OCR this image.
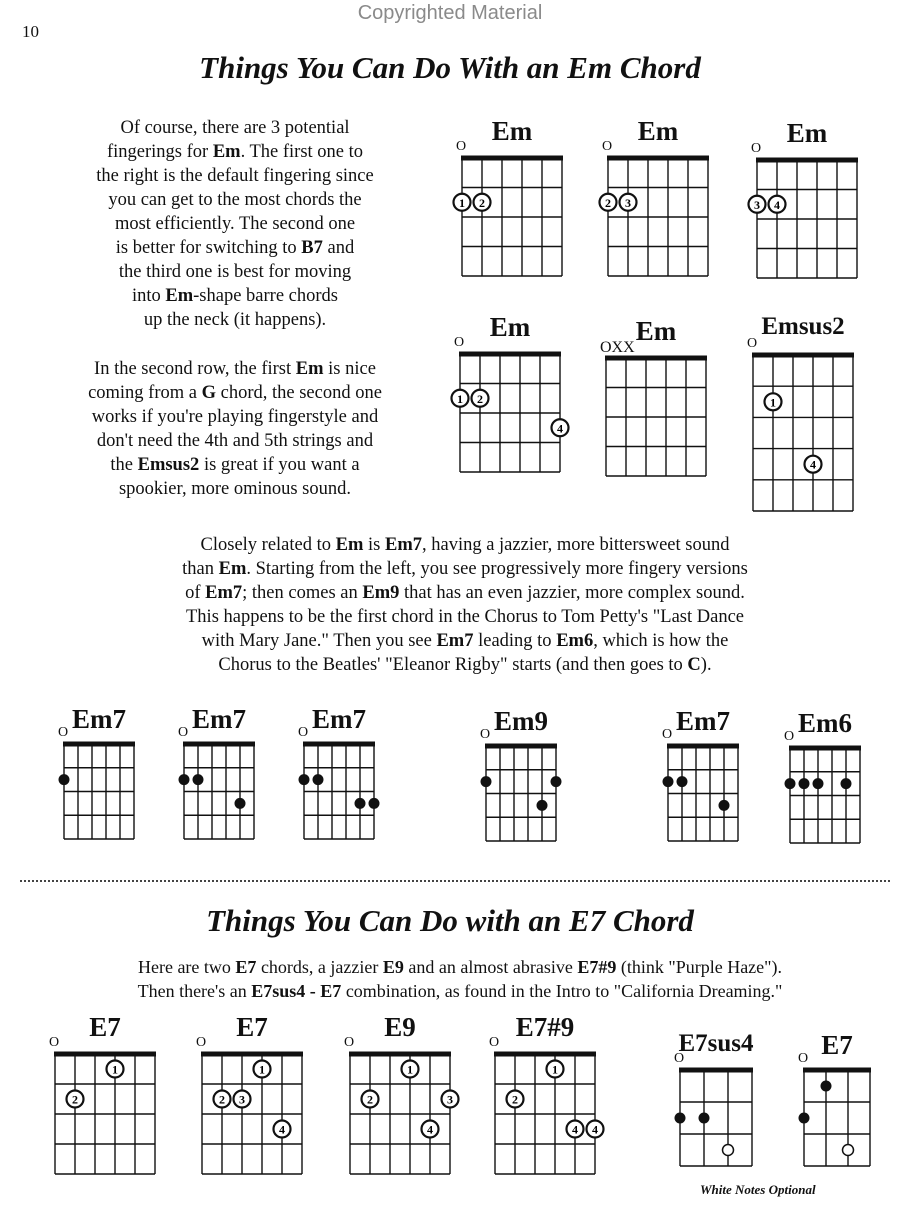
Copyrighted Material
10
Things You Can Do With an Em Chord
Of course, there are 3 potential
fingerings for Em. The first one to
the right is the default fingering since
you can get to the most chords the
most efficiently. The second one
is better for switching to B7 and
the third one is best for moving
into Em-shape barre chords
up the neck (it happens).
In the second row, the first Em is nice
coming from a G chord, the second one
works if you're playing fingerstyle and
don't need the 4th and 5th strings and
the Emsus2 is great if you want a
spookier, more ominous sound.
Closely related to Em is Em7, having a jazzier, more bittersweet sound
than Em. Starting from the left, you see progressively more fingery versions
of Em7; then comes an Em9 that has an even jazzier, more complex sound.
This happens to be the first chord in the Chorus to Tom Petty's "Last Dance
with Mary Jane." Then you see Em7 leading to Em6, which is how the
Chorus to the Beatles' "Eleanor Rigby" starts (and then goes to C).
Things You Can Do with an E7 Chord
Here are two E7 chords, a jazzier E9 and an almost abrasive E7#9 (think "Purple Haze").
Then there's an E7sus4 - E7 combination, as found in the Intro to "California Dreaming."
White Notes Optional
Em
O
1 2
Em
O
2 3
Em
O
3 4
Em
O
1 2
4
Em
OXX
Emsus2
O
1
4
Em7
O	Em7
O	Em7
O	Em9
O	Em7
O	Em6
O
E7
O
1
2
E7
O
1
2 3
4
E9
O
1
2	3
4
E7#9
O
1
2
4 4
E7sus4
O	E7
O
